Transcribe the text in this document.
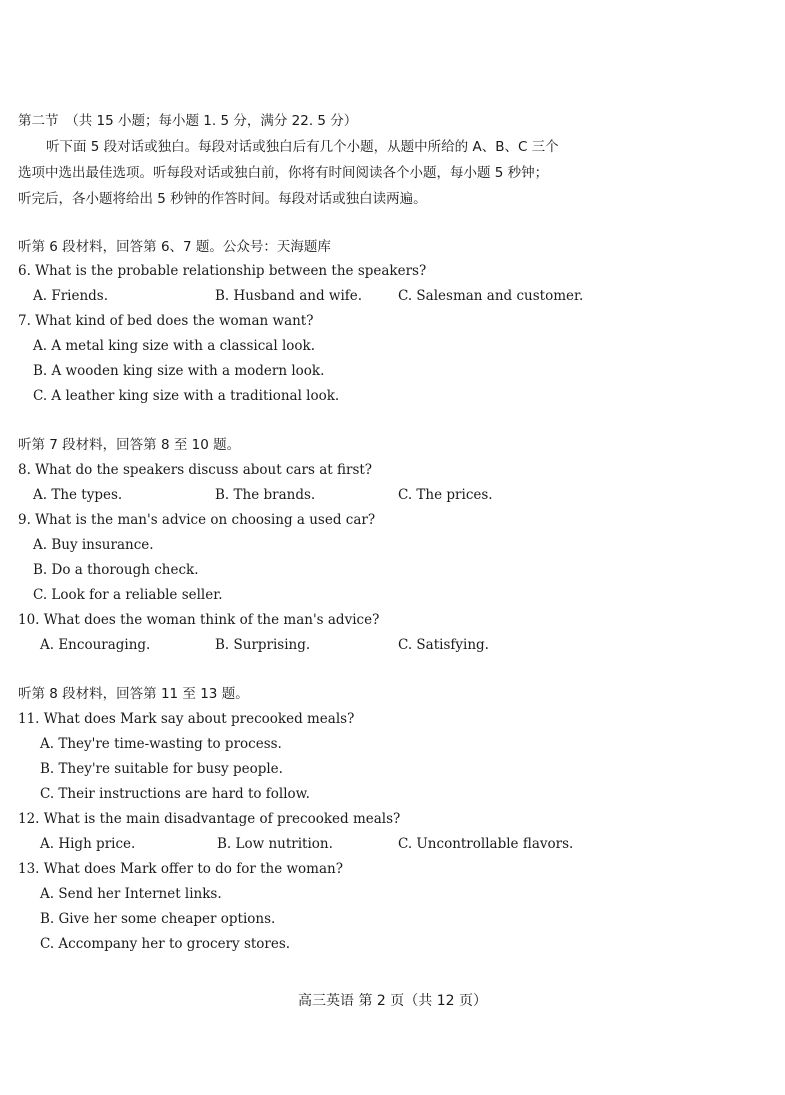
第二节　（共 15 小题；每小题 1. 5 分，满分 22. 5 分）
听下面 5 段对话或独白。每段对话或独白后有几个小题，从题中所给的 A、B、C 三个
选项中选出最佳选项。听每段对话或独白前，你将有时间阅读各个小题，每小题 5 秒钟；
听完后，各小题将给出 5 秒钟的作答时间。每段对话或独白读两遍。
听第 6 段材料，回答第 6、7 题。公众号：天海题库
6. What is the probable relationship between the speakers?
A. Friends.	B. Husband and wife.	C. Salesman and customer.
7. What kind of bed does the woman want?
A. A metal king size with a classical look.
B. A wooden king size with a modern look.
C. A leather king size with a traditional look.
听第 7 段材料，回答第 8 至 10 题。
8. What do the speakers discuss about cars at first?
A. The types.	B. The brands.	C. The prices.
9. What is the man's advice on choosing a used car?
A. Buy insurance.
B. Do a thorough check.
C. Look for a reliable seller.
10. What does the woman think of the man's advice?
A. Encouraging.	B. Surprising.	C. Satisfying.
听第 8 段材料，回答第 11 至 13 题。
11. What does Mark say about precooked meals?
A. They're time-wasting to process.
B. They're suitable for busy people.
C. Their instructions are hard to follow.
12. What is the main disadvantage of precooked meals?
A. High price.	B. Low nutrition.	C. Uncontrollable flavors.
13. What does Mark offer to do for the woman?
A. Send her Internet links.
B. Give her some cheaper options.
C. Accompany her to grocery stores.
高三英语 第 2 页（共 12 页）
